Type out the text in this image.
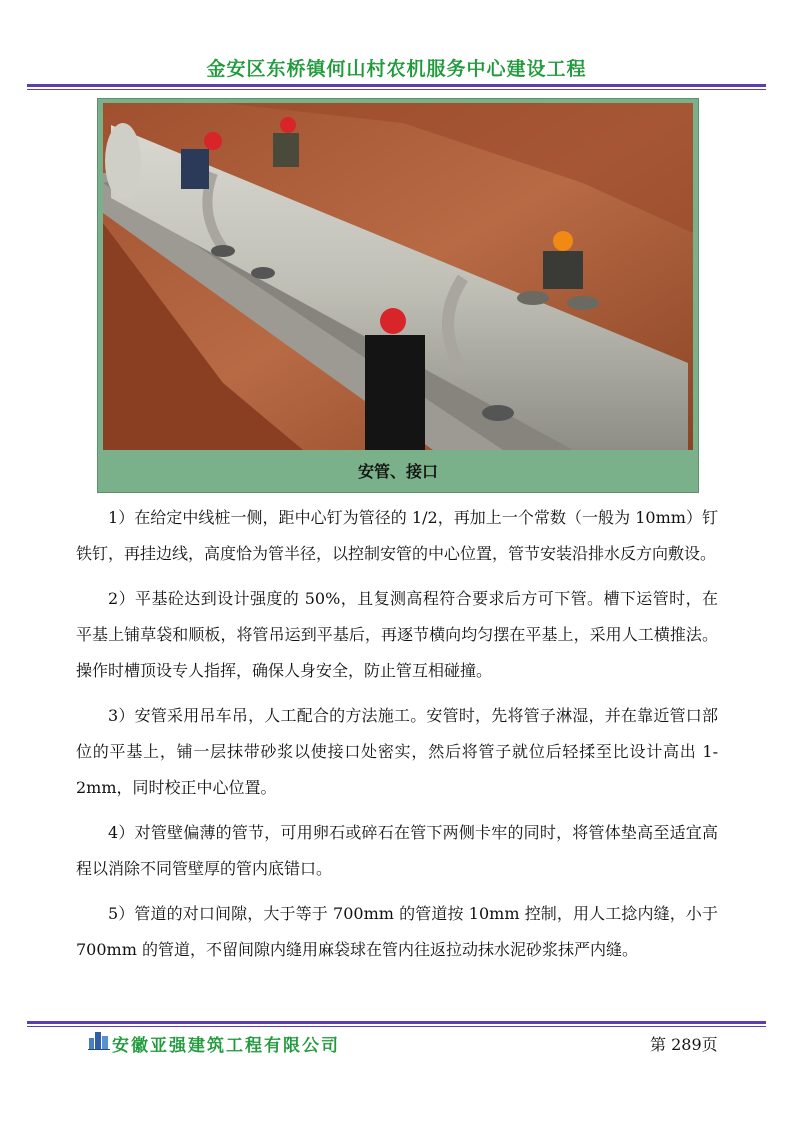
金安区东桥镇何山村农机服务中心建设工程
安管、接口

1）在给定中线桩一侧，距中心钉为管径的 1/2，再加上一个常数（一般为 10mm）钉铁钉，再挂边线，高度恰为管半径，以控制安管的中心位置，管节安装沿排水反方向敷设。

2）平基砼达到设计强度的 50%，且复测高程符合要求后方可下管。槽下运管时，在平基上铺草袋和顺板，将管吊运到平基后，再逐节横向均匀摆在平基上，采用人工横推法。操作时槽顶设专人指挥，确保人身安全，防止管互相碰撞。

3）安管采用吊车吊，人工配合的方法施工。安管时，先将管子淋湿，并在靠近管口部位的平基上，铺一层抹带砂浆以使接口处密实，然后将管子就位后轻揉至比设计高出 1-2mm，同时校正中心位置。

4）对管壁偏薄的管节，可用卵石或碎石在管下两侧卡牢的同时，将管体垫高至适宜高程以消除不同管壁厚的管内底错口。

5）管道的对口间隙，大于等于 700mm 的管道按 10mm 控制，用人工捻内缝，小于 700mm 的管道，不留间隙内缝用麻袋球在管内往返拉动抹水泥砂浆抹严内缝。

安徽亚强建筑工程有限公司	第 289页
